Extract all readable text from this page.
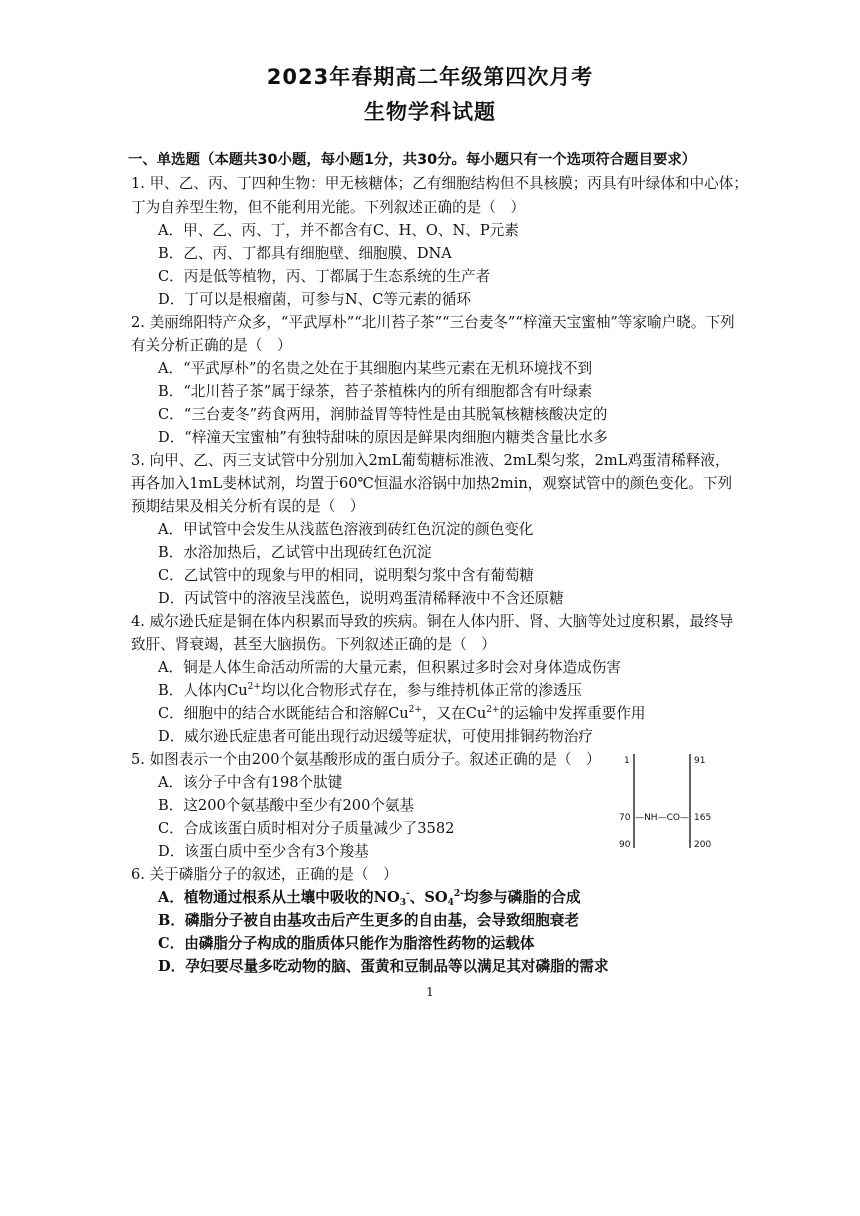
2023年春期高二年级第四次月考
生物学科试题
一、单选题（本题共30小题，每小题1分，共30分。每小题只有一个选项符合题目要求）
1. 甲、乙、丙、丁四种生物：甲无核糖体；乙有细胞结构但不具核膜；丙具有叶绿体和中心体；
丁为自养型生物，但不能利用光能。下列叙述正确的是（　）
A．甲、乙、丙、丁，并不都含有C、H、O、N、P元素
B．乙、丙、丁都具有细胞壁、细胞膜、DNA
C．丙是低等植物，丙、丁都属于生态系统的生产者
D．丁可以是根瘤菌，可参与N、C等元素的循环
2. 美丽绵阳特产众多，“平武厚朴”“北川苔子茶”“三台麦冬”“梓潼天宝蜜柚”等家喻户晓。下列
有关分析正确的是（　）
A．“平武厚朴”的名贵之处在于其细胞内某些元素在无机环境找不到
B．“北川苔子茶”属于绿茶，苔子茶植株内的所有细胞都含有叶绿素
C．“三台麦冬”药食两用，润肺益胃等特性是由其脱氧核糖核酸决定的
D．“梓潼天宝蜜柚”有独特甜味的原因是鲜果肉细胞内糖类含量比水多
3. 向甲、乙、丙三支试管中分别加入2mL葡萄糖标准液、2mL梨匀浆，2mL鸡蛋清稀释液，
再各加入1mL斐林试剂，均置于60℃恒温水浴锅中加热2min，观察试管中的颜色变化。下列
预期结果及相关分析有误的是（　）
A．甲试管中会发生从浅蓝色溶液到砖红色沉淀的颜色变化
B．水浴加热后，乙试管中出现砖红色沉淀
C．乙试管中的现象与甲的相同，说明梨匀浆中含有葡萄糖
D．丙试管中的溶液呈浅蓝色，说明鸡蛋清稀释液中不含还原糖
4. 威尔逊氏症是铜在体内积累而导致的疾病。铜在人体内肝、肾、大脑等处过度积累，最终导
致肝、肾衰竭，甚至大脑损伤。下列叙述正确的是（　）
A．铜是人体生命活动所需的大量元素，但积累过多时会对身体造成伤害
B．人体内$Cu^{2+}$均以化合物形式存在，参与维持机体正常的渗透压
C．细胞中的结合水既能结合和溶解$Cu^{2+}$，又在$Cu^{2+}$的运输中发挥重要作用
D．威尔逊氏症患者可能出现行动迟缓等症状，可使用排铜药物治疗
5. 如图表示一个由200个氨基酸形成的蛋白质分子。叙述正确的是（　）
A．该分子中含有198个肽键
B．这200个氨基酸中至少有200个氨基
C．合成该蛋白质时相对分子质量减少了3582
D．该蛋白质中至少含有3个羧基
1	91
70 —NH—CO— 165
90	200
6. 关于磷脂分子的叙述，正确的是（　）
A．植物通过根系从土壤中吸收的$NO_3^-$、$SO_4^{2-}$均参与磷脂的合成
B．磷脂分子被自由基攻击后产生更多的自由基，会导致细胞衰老
C．由磷脂分子构成的脂质体只能作为脂溶性药物的运载体
D．孕妇要尽量多吃动物的脑、蛋黄和豆制品等以满足其对磷脂的需求
1
